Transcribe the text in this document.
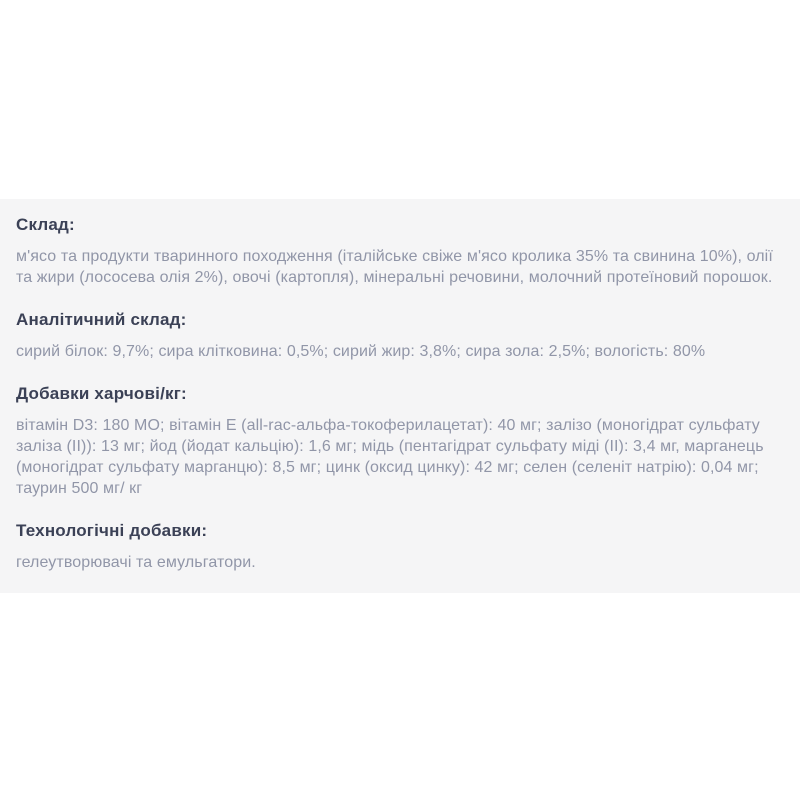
Склад:

м'ясо та продукти тваринного походження (італійське свіже м'ясо кролика 35% та свинина 10%), олії та жири (лососева олія 2%), овочі (картопля), мінеральні речовини, молочний протеїновий порошок.

Аналітичний склад:

сирий білок: 9,7%; сира клітковина: 0,5%; сирий жир: 3,8%; сира зола: 2,5%; вологість: 80%

Добавки харчові/кг:

вітамін D3: 180 МО; вітамін E (all-rac-альфа-токоферилацетат): 40 мг; залізо (моногідрат сульфату заліза (II)): 13 мг; йод (йодат кальцію): 1,6 мг; мідь (пентагідрат сульфату міді (II): 3,4 мг, марганець (моногідрат сульфату марганцю): 8,5 мг; цинк (оксид цинку): 42 мг; селен (селеніт натрію): 0,04 мг; таурин 500 мг/ кг

Технологічні добавки:

гелеутворювачі та емульгатори.
